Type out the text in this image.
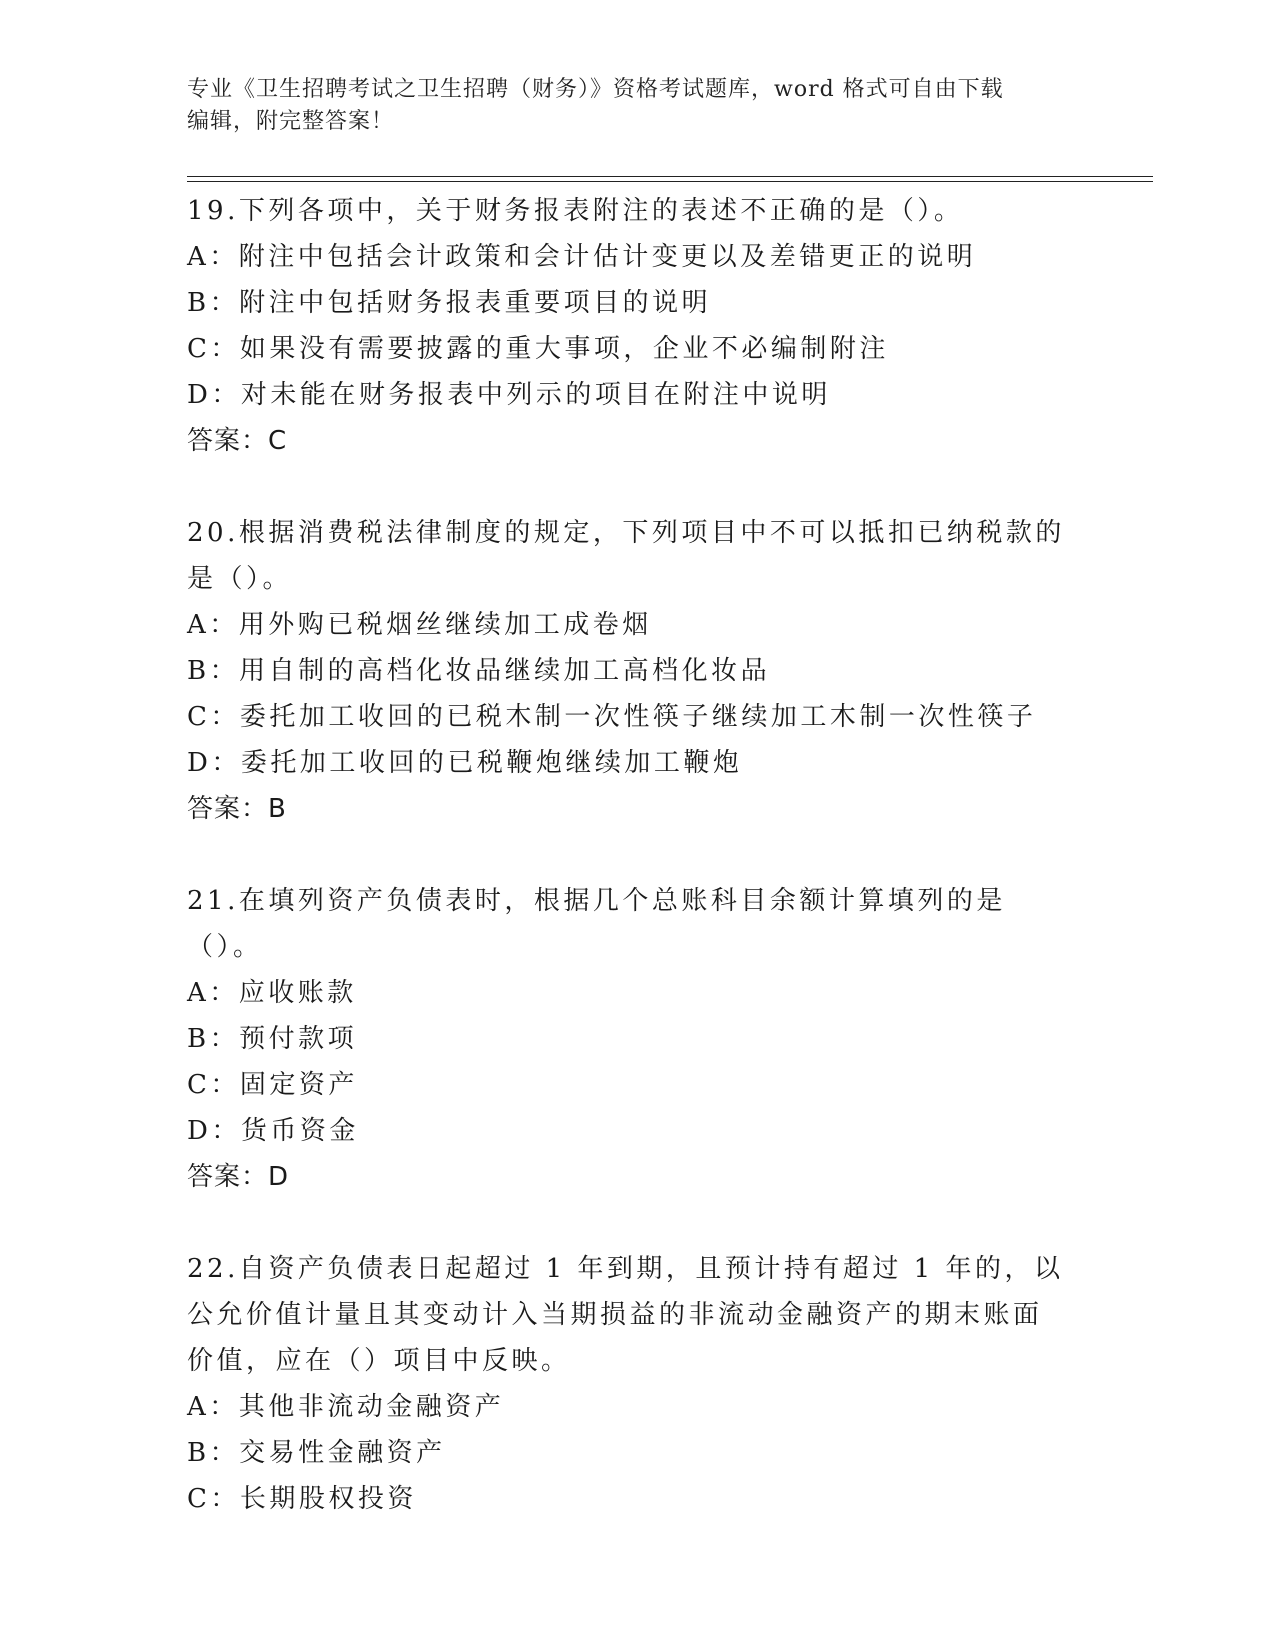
专业《卫生招聘考试之卫生招聘（财务）》资格考试题库，word 格式可自由下载
编辑，附完整答案！
19.下列各项中，关于财务报表附注的表述不正确的是（）。
A：附注中包括会计政策和会计估计变更以及差错更正的说明
B：附注中包括财务报表重要项目的说明
C：如果没有需要披露的重大事项，企业不必编制附注
D：对未能在财务报表中列示的项目在附注中说明
答案：C
20.根据消费税法律制度的规定，下列项目中不可以抵扣已纳税款的是（）。
A：用外购已税烟丝继续加工成卷烟
B：用自制的高档化妆品继续加工高档化妆品
C：委托加工收回的已税木制一次性筷子继续加工木制一次性筷子
D：委托加工收回的已税鞭炮继续加工鞭炮
答案：B
21.在填列资产负债表时，根据几个总账科目余额计算填列的是（）。
A：应收账款
B：预付款项
C：固定资产
D：货币资金
答案：D
22.自资产负债表日起超过 1 年到期，且预计持有超过 1 年的，以公允价值计量且其变动计入当期损益的非流动金融资产的期末账面价值，应在（）项目中反映。
A：其他非流动金融资产
B：交易性金融资产
C：长期股权投资
